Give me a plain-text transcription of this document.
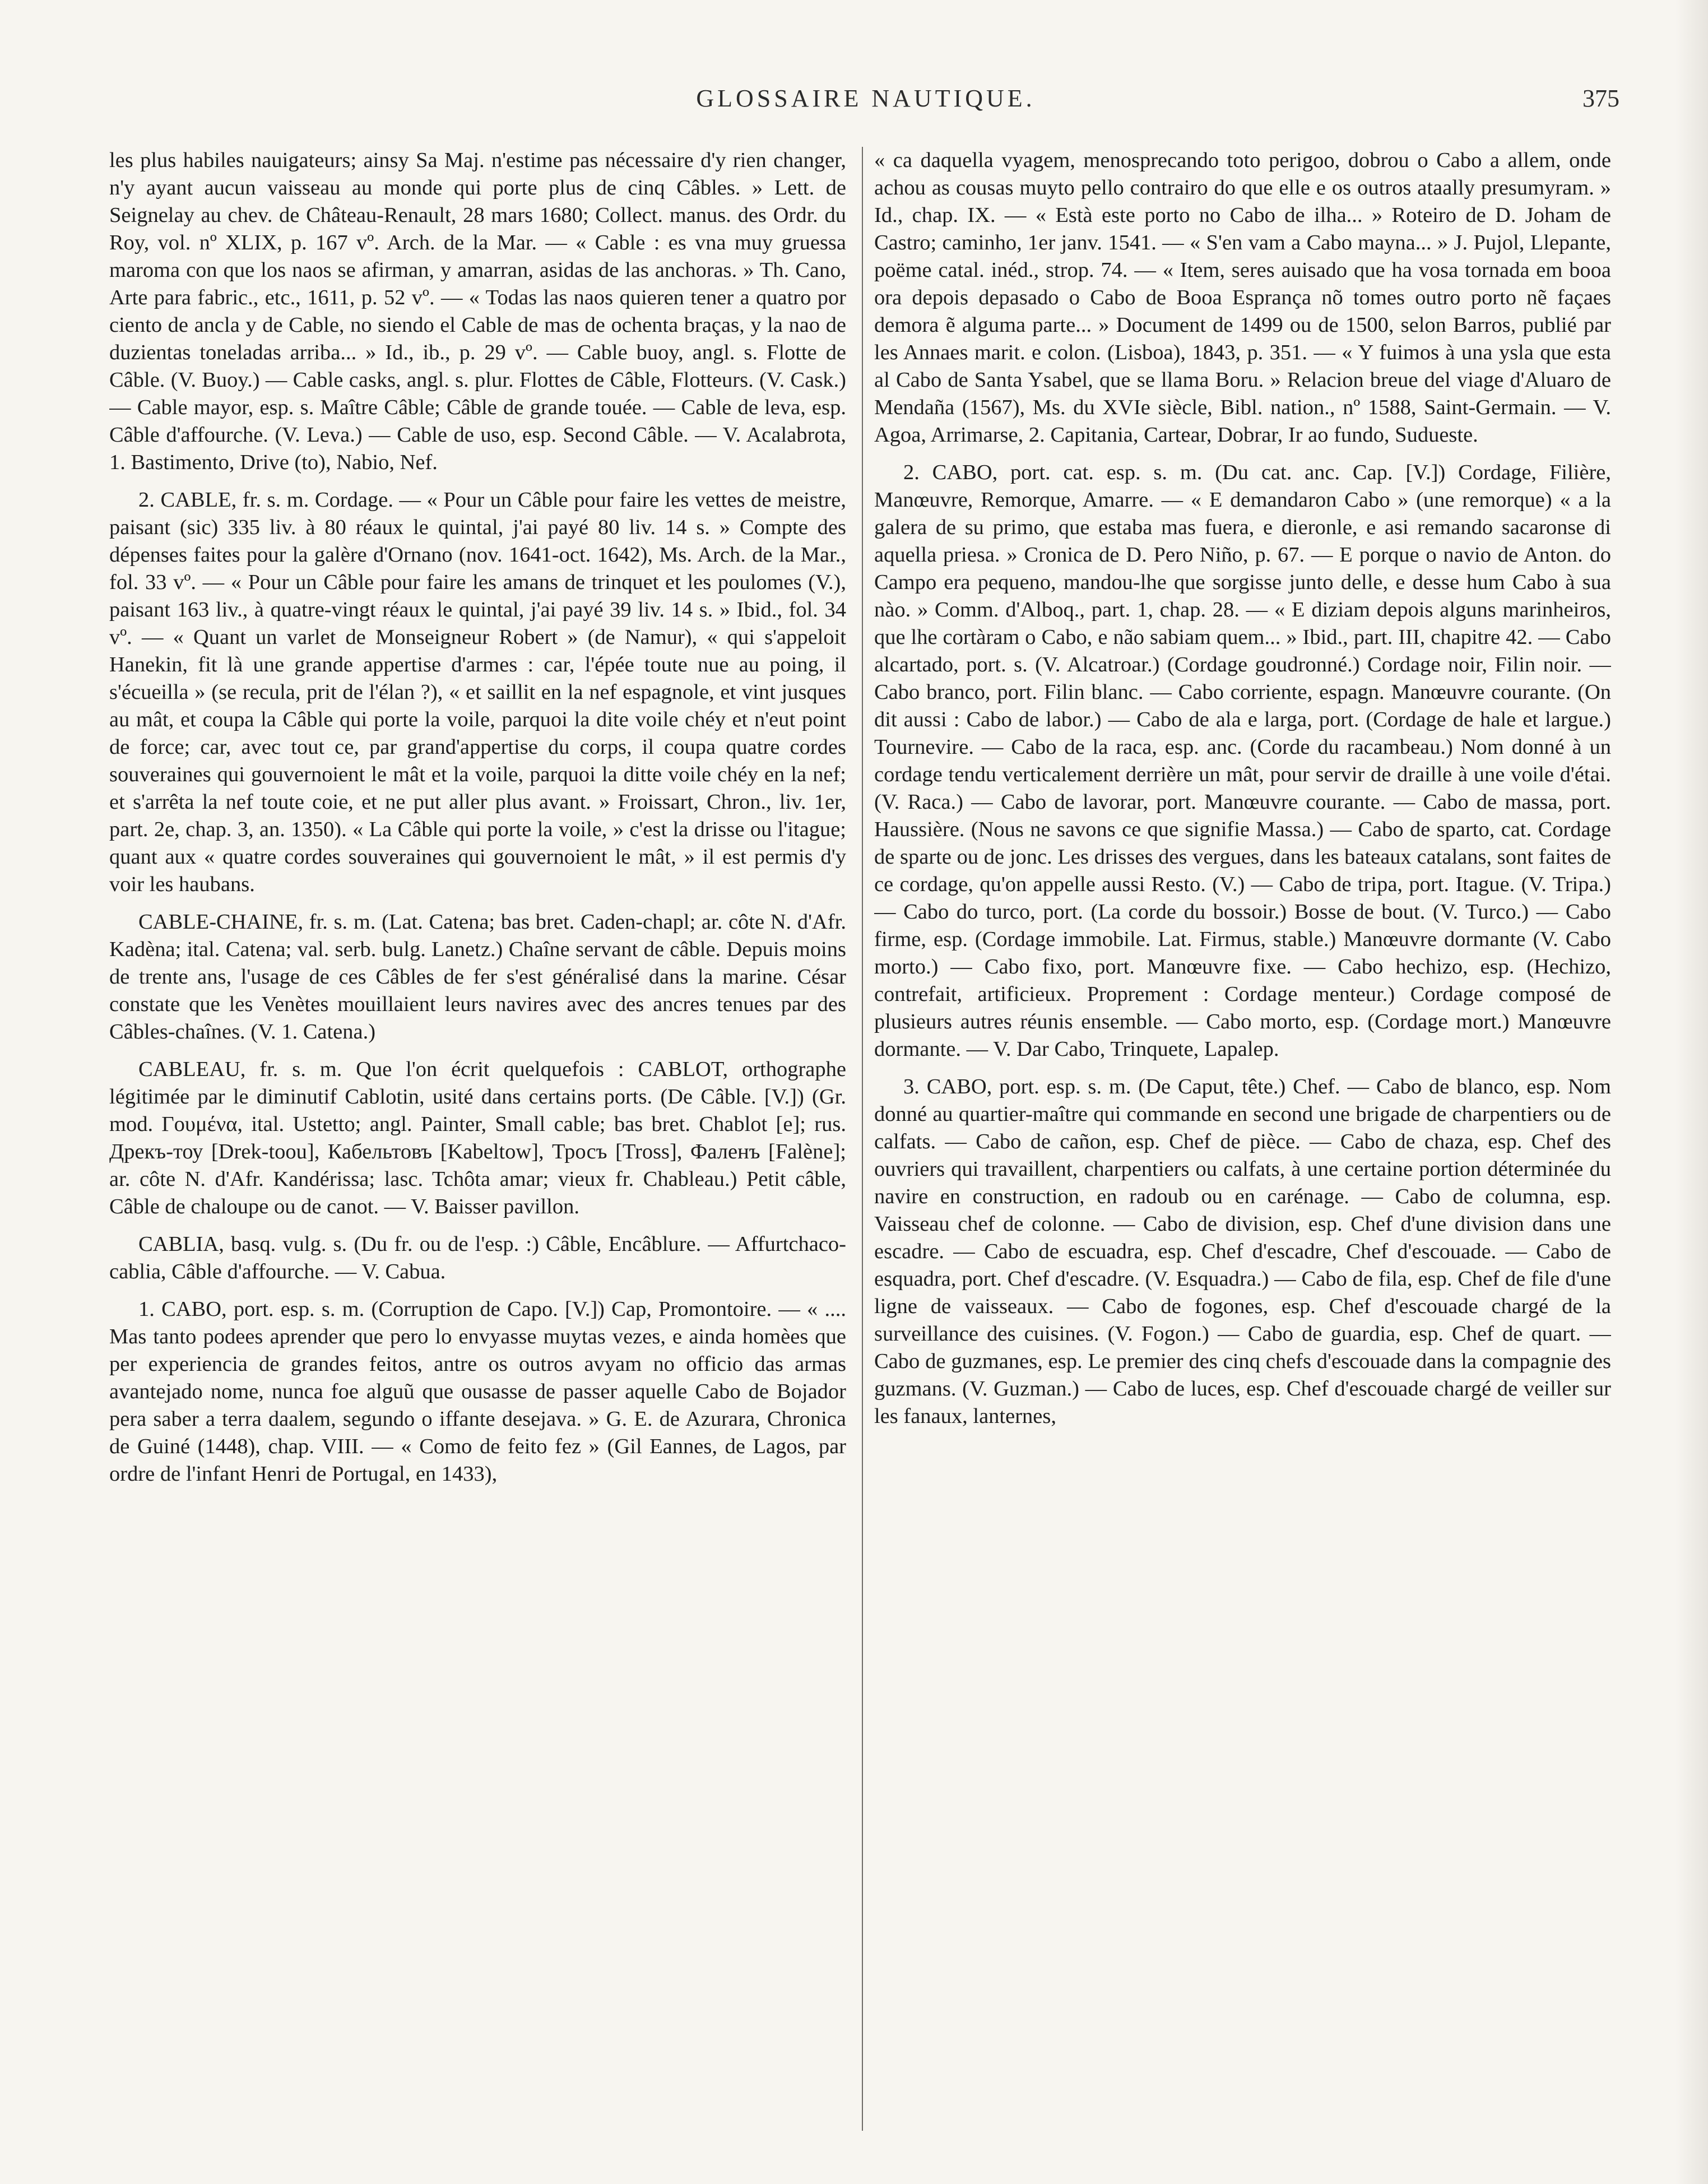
GLOSSAIRE NAUTIQUE.	375

les plus habiles nauigateurs; ainsy Sa Maj. n'estime pas nécessaire d'y rien changer, n'y ayant aucun vaisseau au monde qui porte plus de cinq Câbles. » Lett. de Seignelay au chev. de Château-Renault, 28 mars 1680; Collect. manus. des Ordr. du Roy, vol. nº XLIX, p. 167 vº. Arch. de la Mar. — « Cable : es vna muy gruessa maroma con que los naos se afirman, y amarran, asidas de las anchoras. » Th. Cano, Arte para fabric., etc., 1611, p. 52 vº. — « Todas las naos quieren tener a quatro por ciento de ancla y de Cable, no siendo el Cable de mas de ochenta braças, y la nao de duzientas toneladas arriba... » Id., ib., p. 29 vº. — Cable buoy, angl. s. Flotte de Câble. (V. Buoy.) — Cable casks, angl. s. plur. Flottes de Câble, Flotteurs. (V. Cask.) — Cable mayor, esp. s. Maître Câble; Câble de grande touée. — Cable de leva, esp. Câble d'affourche. (V. Leva.) — Cable de uso, esp. Second Câble. — V. Acalabrota, 1. Bastimento, Drive (to), Nabio, Nef.

2. CABLE, fr. s. m. Cordage. — « Pour un Câble pour faire les vettes de meistre, paisant (sic) 335 liv. à 80 réaux le quintal, j'ai payé 80 liv. 14 s. » Compte des dépenses faites pour la galère d'Ornano (nov. 1641-oct. 1642), Ms. Arch. de la Mar., fol. 33 vº. — « Pour un Câble pour faire les amans de trinquet et les poulomes (V.), paisant 163 liv., à quatre-vingt réaux le quintal, j'ai payé 39 liv. 14 s. » Ibid., fol. 34 vº. — « Quant un varlet de Monseigneur Robert » (de Namur), « qui s'appeloit Hanekin, fit là une grande appertise d'armes : car, l'épée toute nue au poing, il s'écueilla » (se recula, prit de l'élan ?), « et saillit en la nef espagnole, et vint jusques au mât, et coupa la Câble qui porte la voile, parquoi la dite voile chéy et n'eut point de force; car, avec tout ce, par grand'appertise du corps, il coupa quatre cordes souveraines qui gouvernoient le mât et la voile, parquoi la ditte voile chéy en la nef; et s'arrêta la nef toute coie, et ne put aller plus avant. » Froissart, Chron., liv. 1er, part. 2e, chap. 3, an. 1350). « La Câble qui porte la voile, » c'est la drisse ou l'itague; quant aux « quatre cordes souveraines qui gouvernoient le mât, » il est permis d'y voir les haubans.

CABLE-CHAINE, fr. s. m. (Lat. Catena; bas bret. Caden-chapl; ar. côte N. d'Afr. Kadèna; ital. Catena; val. serb. bulg. Lanetz.) Chaîne servant de câble. Depuis moins de trente ans, l'usage de ces Câbles de fer s'est généralisé dans la marine. César constate que les Venètes mouillaient leurs navires avec des ancres tenues par des Câbles-chaînes. (V. 1. Catena.)

CABLEAU, fr. s. m. Que l'on écrit quelquefois : CABLOT, orthographe légitimée par le diminutif Cablotin, usité dans certains ports. (De Câble. [V.]) (Gr. mod. Γουμένα, ital. Ustetto; angl. Painter, Small cable; bas bret. Chablot [e]; rus. Дрекъ-тоу [Drek-toou], Кабельтовъ [Kabeltow], Тросъ [Tross], Фаленъ [Falène]; ar. côte N. d'Afr. Kandérissa; lasc. Tchôta amar; vieux fr. Chableau.) Petit câble, Câble de chaloupe ou de canot. — V. Baisser pavillon.

CABLIA, basq. vulg. s. (Du fr. ou de l'esp. :) Câble, Encâblure. — Affurtchaco-cablia, Câble d'affourche. — V. Cabua.

1. CABO, port. esp. s. m. (Corruption de Capo. [V.]) Cap, Promontoire. — « .... Mas tanto podees aprender que pero lo envyasse muytas vezes, e ainda homèes que per experiencia de grandes feitos, antre os outros avyam no officio das armas avantejado nome, nunca foe alguũ que ousasse de passer aquelle Cabo de Bojador pera saber a terra daalem, segundo o iffante desejava. » G. E. de Azurara, Chronica de Guiné (1448), chap. VIII. — « Como de feito fez » (Gil Eannes, de Lagos, par ordre de l'infant Henri de Portugal, en 1433),

« ca daquella vyagem, menosprecando toto perigoo, dobrou o Cabo a allem, onde achou as cousas muyto pello contrairo do que elle e os outros ataally presumyram. » Id., chap. IX. — « Està este porto no Cabo de ilha... » Roteiro de D. Joham de Castro; caminho, 1er janv. 1541. — « S'en vam a Cabo mayna... » J. Pujol, Llepante, poëme catal. inéd., strop. 74. — « Item, seres auisado que ha vosa tornada em booa ora depois depasado o Cabo de Booa Esprança nõ tomes outro porto nẽ façaes demora ẽ alguma parte... » Document de 1499 ou de 1500, selon Barros, publié par les Annaes marit. e colon. (Lisboa), 1843, p. 351. — « Y fuimos à una ysla que esta al Cabo de Santa Ysabel, que se llama Boru. » Relacion breue del viage d'Aluaro de Mendaña (1567), Ms. du XVIe siècle, Bibl. nation., nº 1588, Saint-Germain. — V. Agoa, Arrimarse, 2. Capitania, Cartear, Dobrar, Ir ao fundo, Sudueste.

2. CABO, port. cat. esp. s. m. (Du cat. anc. Cap. [V.]) Cordage, Filière, Manœuvre, Remorque, Amarre. — « E demandaron Cabo » (une remorque) « a la galera de su primo, que estaba mas fuera, e dieronle, e asi remando sacaronse di aquella priesa. » Cronica de D. Pero Niño, p. 67. — E porque o navio de Anton. do Campo era pequeno, mandou-lhe que sorgisse junto delle, e desse hum Cabo à sua nào. » Comm. d'Alboq., part. 1, chap. 28. — « E diziam depois alguns marinheiros, que lhe cortàram o Cabo, e não sabiam quem... » Ibid., part. III, chapitre 42. — Cabo alcartado, port. s. (V. Alcatroar.) (Cordage goudronné.) Cordage noir, Filin noir. — Cabo branco, port. Filin blanc. — Cabo corriente, espagn. Manœuvre courante. (On dit aussi : Cabo de labor.) — Cabo de ala e larga, port. (Cordage de hale et largue.) Tournevire. — Cabo de la raca, esp. anc. (Corde du racambeau.) Nom donné à un cordage tendu verticalement derrière un mât, pour servir de draille à une voile d'étai. (V. Raca.) — Cabo de lavorar, port. Manœuvre courante. — Cabo de massa, port. Haussière. (Nous ne savons ce que signifie Massa.) — Cabo de sparto, cat. Cordage de sparte ou de jonc. Les drisses des vergues, dans les bateaux catalans, sont faites de ce cordage, qu'on appelle aussi Resto. (V.) — Cabo de tripa, port. Itague. (V. Tripa.) — Cabo do turco, port. (La corde du bossoir.) Bosse de bout. (V. Turco.) — Cabo firme, esp. (Cordage immobile. Lat. Firmus, stable.) Manœuvre dormante (V. Cabo morto.) — Cabo fixo, port. Manœuvre fixe. — Cabo hechizo, esp. (Hechizo, contrefait, artificieux. Proprement : Cordage menteur.) Cordage composé de plusieurs autres réunis ensemble. — Cabo morto, esp. (Cordage mort.) Manœuvre dormante. — V. Dar Cabo, Trinquete, Lapalep.

3. CABO, port. esp. s. m. (De Caput, tête.) Chef. — Cabo de blanco, esp. Nom donné au quartier-maître qui commande en second une brigade de charpentiers ou de calfats. — Cabo de cañon, esp. Chef de pièce. — Cabo de chaza, esp. Chef des ouvriers qui travaillent, charpentiers ou calfats, à une certaine portion déterminée du navire en construction, en radoub ou en carénage. — Cabo de columna, esp. Vaisseau chef de colonne. — Cabo de division, esp. Chef d'une division dans une escadre. — Cabo de escuadra, esp. Chef d'escadre, Chef d'escouade. — Cabo de esquadra, port. Chef d'escadre. (V. Esquadra.) — Cabo de fila, esp. Chef de file d'une ligne de vaisseaux. — Cabo de fogones, esp. Chef d'escouade chargé de la surveillance des cuisines. (V. Fogon.) — Cabo de guardia, esp. Chef de quart. — Cabo de guzmanes, esp. Le premier des cinq chefs d'escouade dans la compagnie des guzmans. (V. Guzman.) — Cabo de luces, esp. Chef d'escouade chargé de veiller sur les fanaux, lanternes,
